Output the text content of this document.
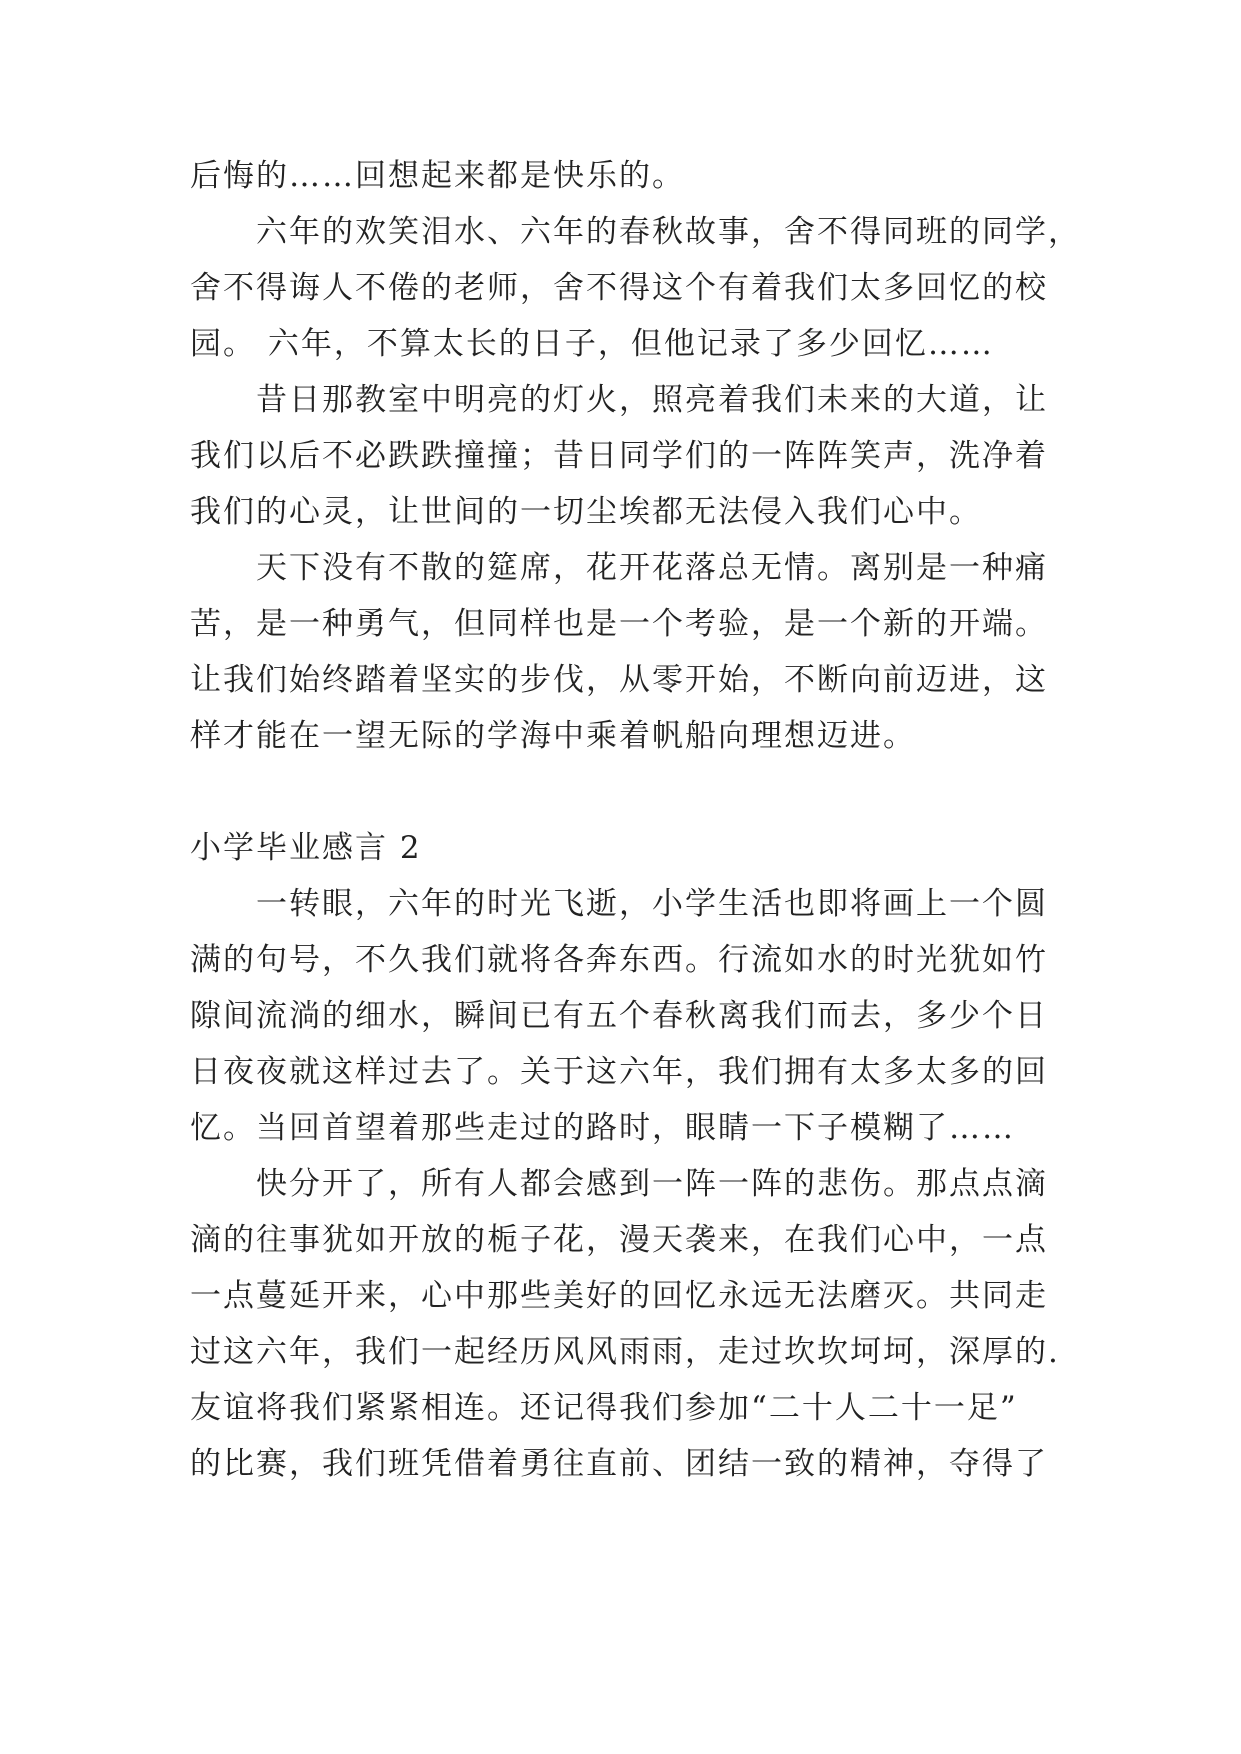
后悔的……回想起来都是快乐的。
六年的欢笑泪水、六年的春秋故事，舍不得同班的同学，
舍不得诲人不倦的老师，舍不得这个有着我们太多回忆的校
园。 六年，不算太长的日子，但他记录了多少回忆……
昔日那教室中明亮的灯火，照亮着我们未来的大道，让
我们以后不必跌跌撞撞；昔日同学们的一阵阵笑声，洗净着
我们的心灵，让世间的一切尘埃都无法侵入我们心中。
天下没有不散的筵席，花开花落总无情。离别是一种痛
苦，是一种勇气，但同样也是一个考验，是一个新的开端。
让我们始终踏着坚实的步伐，从零开始，不断向前迈进，这
样才能在一望无际的学海中乘着帆船向理想迈进。
小学毕业感言 2
一转眼，六年的时光飞逝，小学生活也即将画上一个圆
满的句号，不久我们就将各奔东西。行流如水的时光犹如竹
隙间流淌的细水，瞬间已有五个春秋离我们而去，多少个日
日夜夜就这样过去了。关于这六年，我们拥有太多太多的回
忆。当回首望着那些走过的路时，眼睛一下子模糊了……
快分开了，所有人都会感到一阵一阵的悲伤。那点点滴
滴的往事犹如开放的栀子花，漫天袭来，在我们心中，一点
一点蔓延开来，心中那些美好的回忆永远无法磨灭。共同走
过这六年，我们一起经历风风雨雨，走过坎坎坷坷，深厚的.
友谊将我们紧紧相连。还记得我们参加“二十人二十一足”
的比赛，我们班凭借着勇往直前、团结一致的精神，夺得了
